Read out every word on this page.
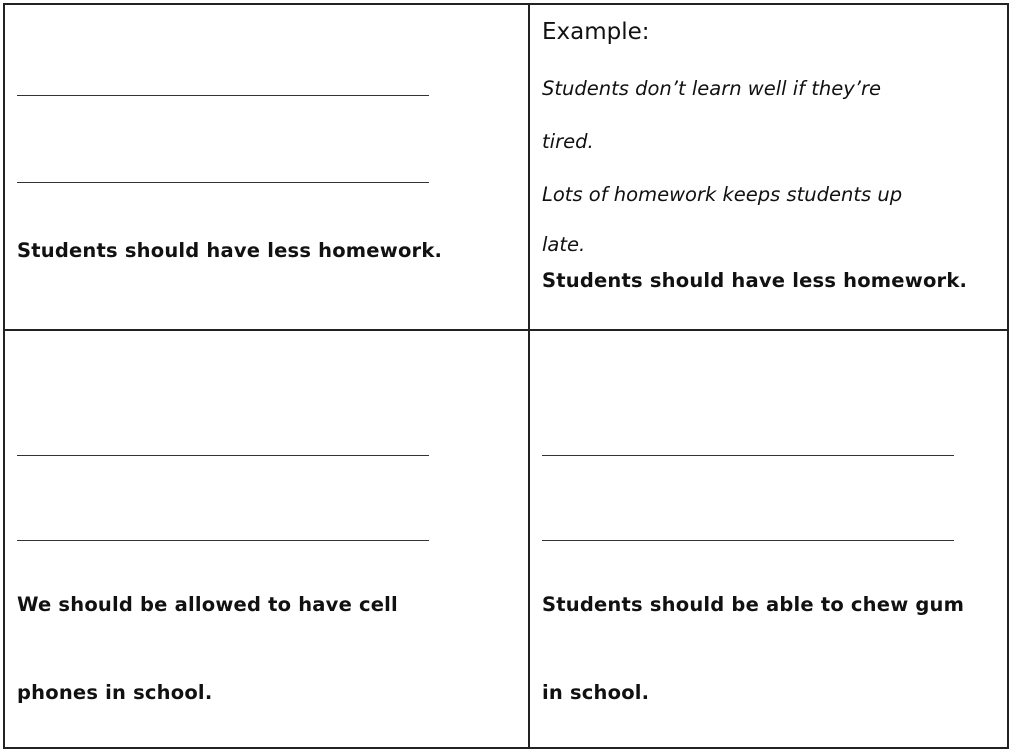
Students should have less homework.

Example:

Students don’t learn well if they’re

tired.

Lots of homework keeps students up

late.

Students should have less homework.

We should be allowed to have cell

phones in school.

Students should be able to chew gum

in school.
